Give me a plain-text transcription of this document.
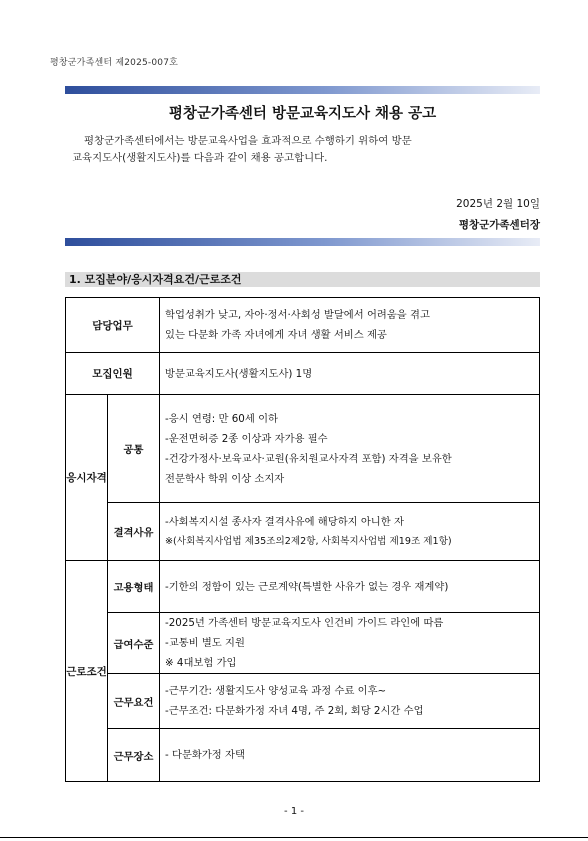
평창군가족센터 제2025-007호
평창군가족센터 방문교육지도사 채용 공고
평창군가족센터에서는 방문교육사업을 효과적으로 수행하기 위하여 방문
교육지도사(생활지도사)를 다음과 같이 채용 공고합니다.
2025년 2월 10일
평창군가족센터장
1. 모집분야/응시자격요건/근로조건
담당업무		학업성취가 낮고, 자아·정서·사회성 발달에서 어려움을 겪고
있는 다문화 가족 자녀에게 자녀 생활 서비스 제공

모집인원		방문교육지도사(생활지도사) 1명
응시자격	공통	-응시 연령: 만 60세 이하
-운전면허증 2종 이상과 자가용 필수
-건강가정사·보육교사·교원(유치원교사자격 포함) 자격을 보유한
전문학사 학위 이상 소지자

	결격사유	-사회복지시설 종사자 결격사유에 해당하지 아니한 자
※(사회복지사업법 제35조의2제2항, 사회복지사업법 제19조 제1항)

근로조건	고용형태	-기한의 정함이 있는 근로계약(특별한 사유가 없는 경우 재계약)

	급여수준	-2025년 가족센터 방문교육지도사 인건비 가이드 라인에 따름
-교통비 별도 지원
※ 4대보험 가입

	근무요건	-근무기간: 생활지도사 양성교육 과정 수료 이후~
-근무조건: 다문화가정 자녀 4명, 주 2회, 회당 2시간 수업

	근무장소	- 다문화가정 자택
- 1 -
